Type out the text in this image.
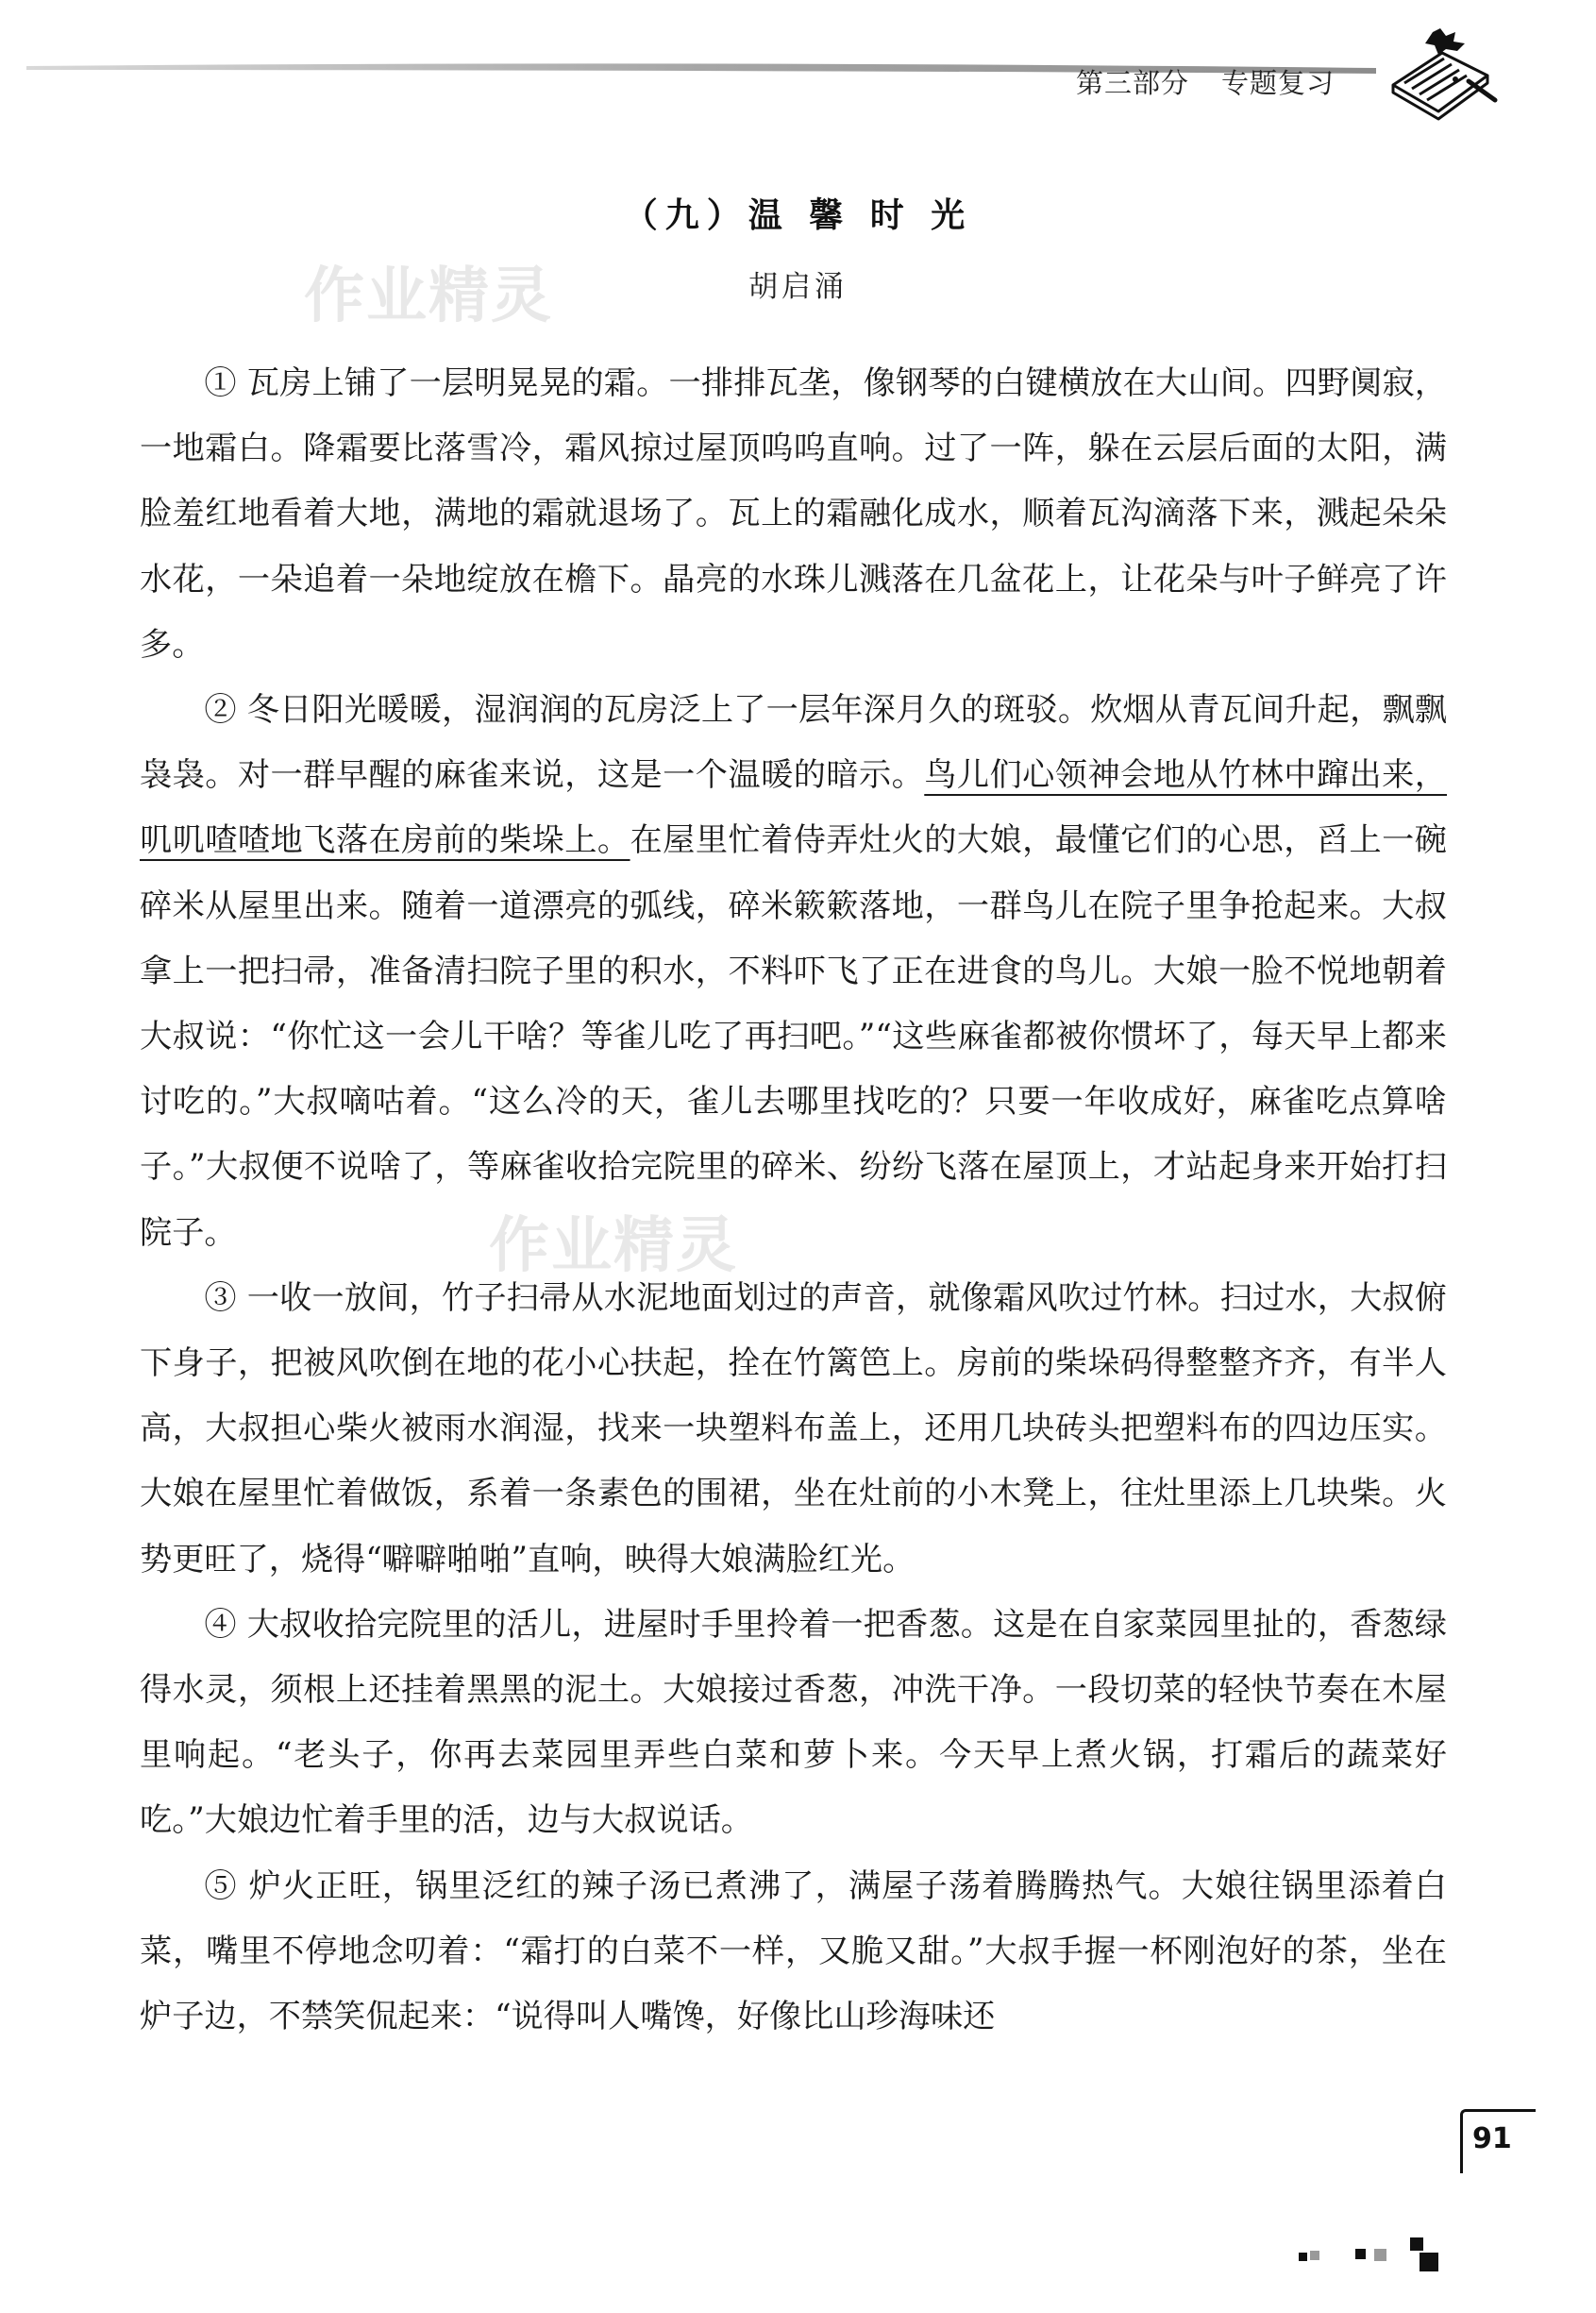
第三部分 专题复习
（九）温 馨 时 光
作业精灵	胡启涌

① 瓦房上铺了一层明晃晃的霜。一排排瓦垄，像钢琴的白键横放在大山间。四野阒寂，一地霜白。降霜要比落雪冷，霜风掠过屋顶呜呜直响。过了一阵，躲在云层后面的太阳，满脸羞红地看着大地，满地的霜就退场了。瓦上的霜融化成水，顺着瓦沟滴落下来，溅起朵朵水花，一朵追着一朵地绽放在檐下。晶亮的水珠儿溅落在几盆花上，让花朵与叶子鲜亮了许多。

② 冬日阳光暖暖，湿润润的瓦房泛上了一层年深月久的斑驳。炊烟从青瓦间升起，飘飘袅袅。对一群早醒的麻雀来说，这是一个温暖的暗示。鸟儿们心领神会地从竹林中蹿出来，叽叽喳喳地飞落在房前的柴垛上。在屋里忙着侍弄灶火的大娘，最懂它们的心思，舀上一碗碎米从屋里出来。随着一道漂亮的弧线，碎米簌簌落地，一群鸟儿在院子里争抢起来。大叔拿上一把扫帚，准备清扫院子里的积水，不料吓飞了正在进食的鸟儿。大娘一脸不悦地朝着大叔说：“你忙这一会儿干啥？等雀儿吃了再扫吧。”“这些麻雀都被你惯坏了，每天早上都来讨吃的。”大叔嘀咕着。“这么冷的天，雀儿去哪里找吃的？只要一年收成好，麻雀吃点算啥子。”大叔便不说啥了，等麻雀收拾完院里的碎米、纷纷飞落在屋顶上，才站起身来开始打扫院子。

③ 一收一放间，竹子扫帚从水泥地面划过的声音，就像霜风吹过竹林。扫过水，大叔俯下身子，把被风吹倒在地的花小心扶起，拴在竹篱笆上。房前的柴垛码得整整齐齐，有半人高，大叔担心柴火被雨水润湿，找来一块塑料布盖上，还用几块砖头把塑料布的四边压实。大娘在屋里忙着做饭，系着一条素色的围裙，坐在灶前的小木凳上，往灶里添上几块柴。火势更旺了，烧得“噼噼啪啪”直响，映得大娘满脸红光。

④ 大叔收拾完院里的活儿，进屋时手里拎着一把香葱。这是在自家菜园里扯的，香葱绿得水灵，须根上还挂着黑黑的泥土。大娘接过香葱，冲洗干净。一段切菜的轻快节奏在木屋里响起。“老头子，你再去菜园里弄些白菜和萝卜来。今天早上煮火锅，打霜后的蔬菜好吃。”大娘边忙着手里的活，边与大叔说话。

⑤ 炉火正旺，锅里泛红的辣子汤已煮沸了，满屋子荡着腾腾热气。大娘往锅里添着白菜，嘴里不停地念叨着：“霜打的白菜不一样，又脆又甜。”大叔手握一杯刚泡好的茶，坐在炉子边，不禁笑侃起来：“说得叫人嘴馋，好像比山珍海味还

作业精灵
91
